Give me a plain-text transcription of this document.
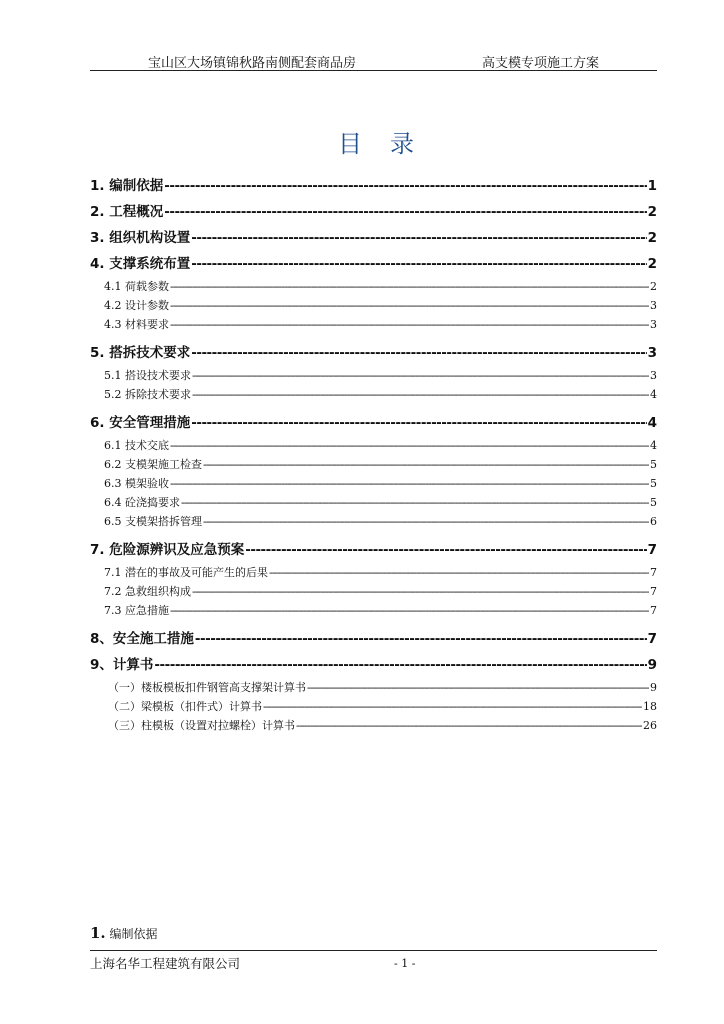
宝山区大场镇锦秋路南侧配套商品房	高支模专项施工方案
目录
1. 编制依据 -----	1
2. 工程概况 -----	2
3. 组织机构设置 -----	2
4. 支撑系统布置 -----	2
4.1 荷载参数 -----	2
4.2 设计参数 -----	3
4.3 材料要求 -----	3
5. 搭拆技术要求 -----	3
5.1 搭设技术要求 -----	3
5.2 拆除技术要求 -----	4
6. 安全管理措施 -----	4
6.1 技术交底 -----	4
6.2 支模架施工检查 -----	5
6.3 模架验收 -----	5
6.4 砼浇捣要求 -----	5
6.5 支模架搭拆管理 -----	6
7. 危险源辨识及应急预案 -----	7
7.1 潜在的事故及可能产生的后果 -----	7
7.2 急救组织构成 -----	7
7.3 应急措施 -----	7
8、安全施工措施 -----	7
9、计算书 -----	9
（一）楼板模板扣件钢管高支撑架计算书 -----	9
（二）梁模板（扣件式）计算书 -----	18
（三）柱模板（设置对拉螺栓）计算书 -----	26
1. 编制依据
上海名华工程建筑有限公司	- 1 -
